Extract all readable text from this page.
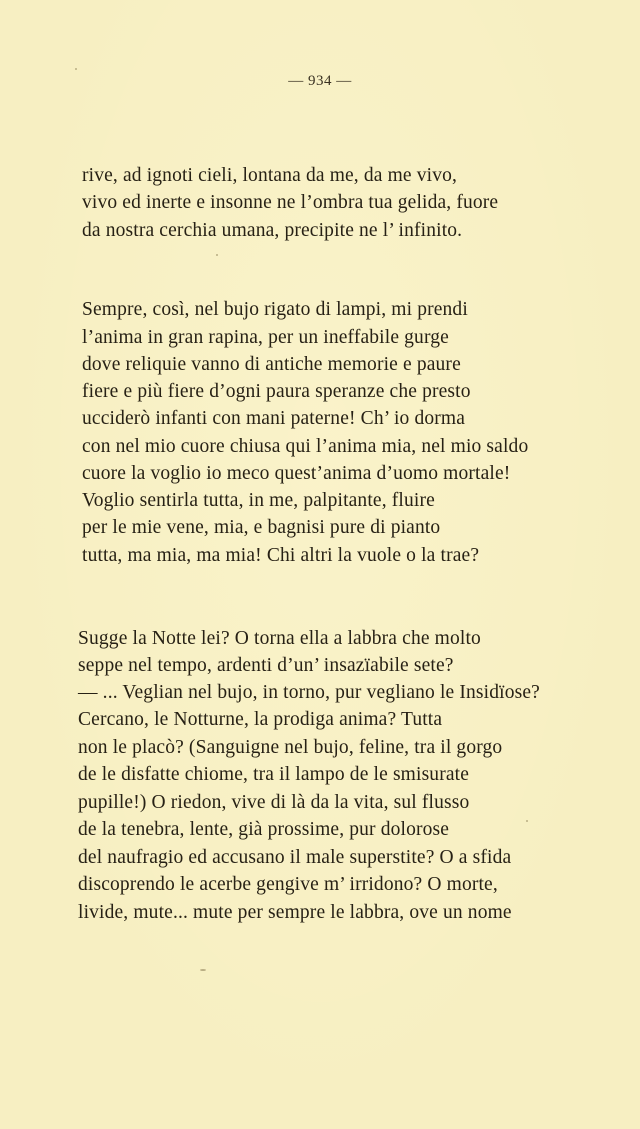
— 934 —
rive, ad ignoti cieli, lontana da me, da me vivo,
vivo ed inerte e insonne ne l’ombra tua gelida, fuore
da nostra cerchia umana, precipite ne l’ infinito.
Sempre, così, nel bujo rigato di lampi, mi prendi
l’anima in gran rapina, per un ineffabile gurge
dove reliquie vanno di antiche memorie e paure
fiere e più fiere d’ogni paura speranze che presto
ucciderò infanti con mani paterne! Ch’ io dorma
con nel mio cuore chiusa qui l’anima mia, nel mio saldo
cuore la voglio io meco quest’anima d’uomo mortale!
Voglio sentirla tutta, in me, palpitante, fluire
per le mie vene, mia, e bagnisi pure di pianto
tutta, ma mia, ma mia! Chi altri la vuole o la trae?
Sugge la Notte lei? O torna ella a labbra che molto
seppe nel tempo, ardenti d’un’ insazïabile sete?
— ... Veglian nel bujo, in torno, pur vegliano le Insidïose?
Cercano, le Notturne, la prodiga anima? Tutta
non le placò? (Sanguigne nel bujo, feline, tra il gorgo
de le disfatte chiome, tra il lampo de le smisurate
pupille!) O riedon, vive di là da la vita, sul flusso
de la tenebra, lente, già prossime, pur dolorose
del naufragio ed accusano il male superstite? O a sfida
discoprendo le acerbe gengive m’ irridono? O morte,
livide, mute... mute per sempre le labbra, ove un nome
